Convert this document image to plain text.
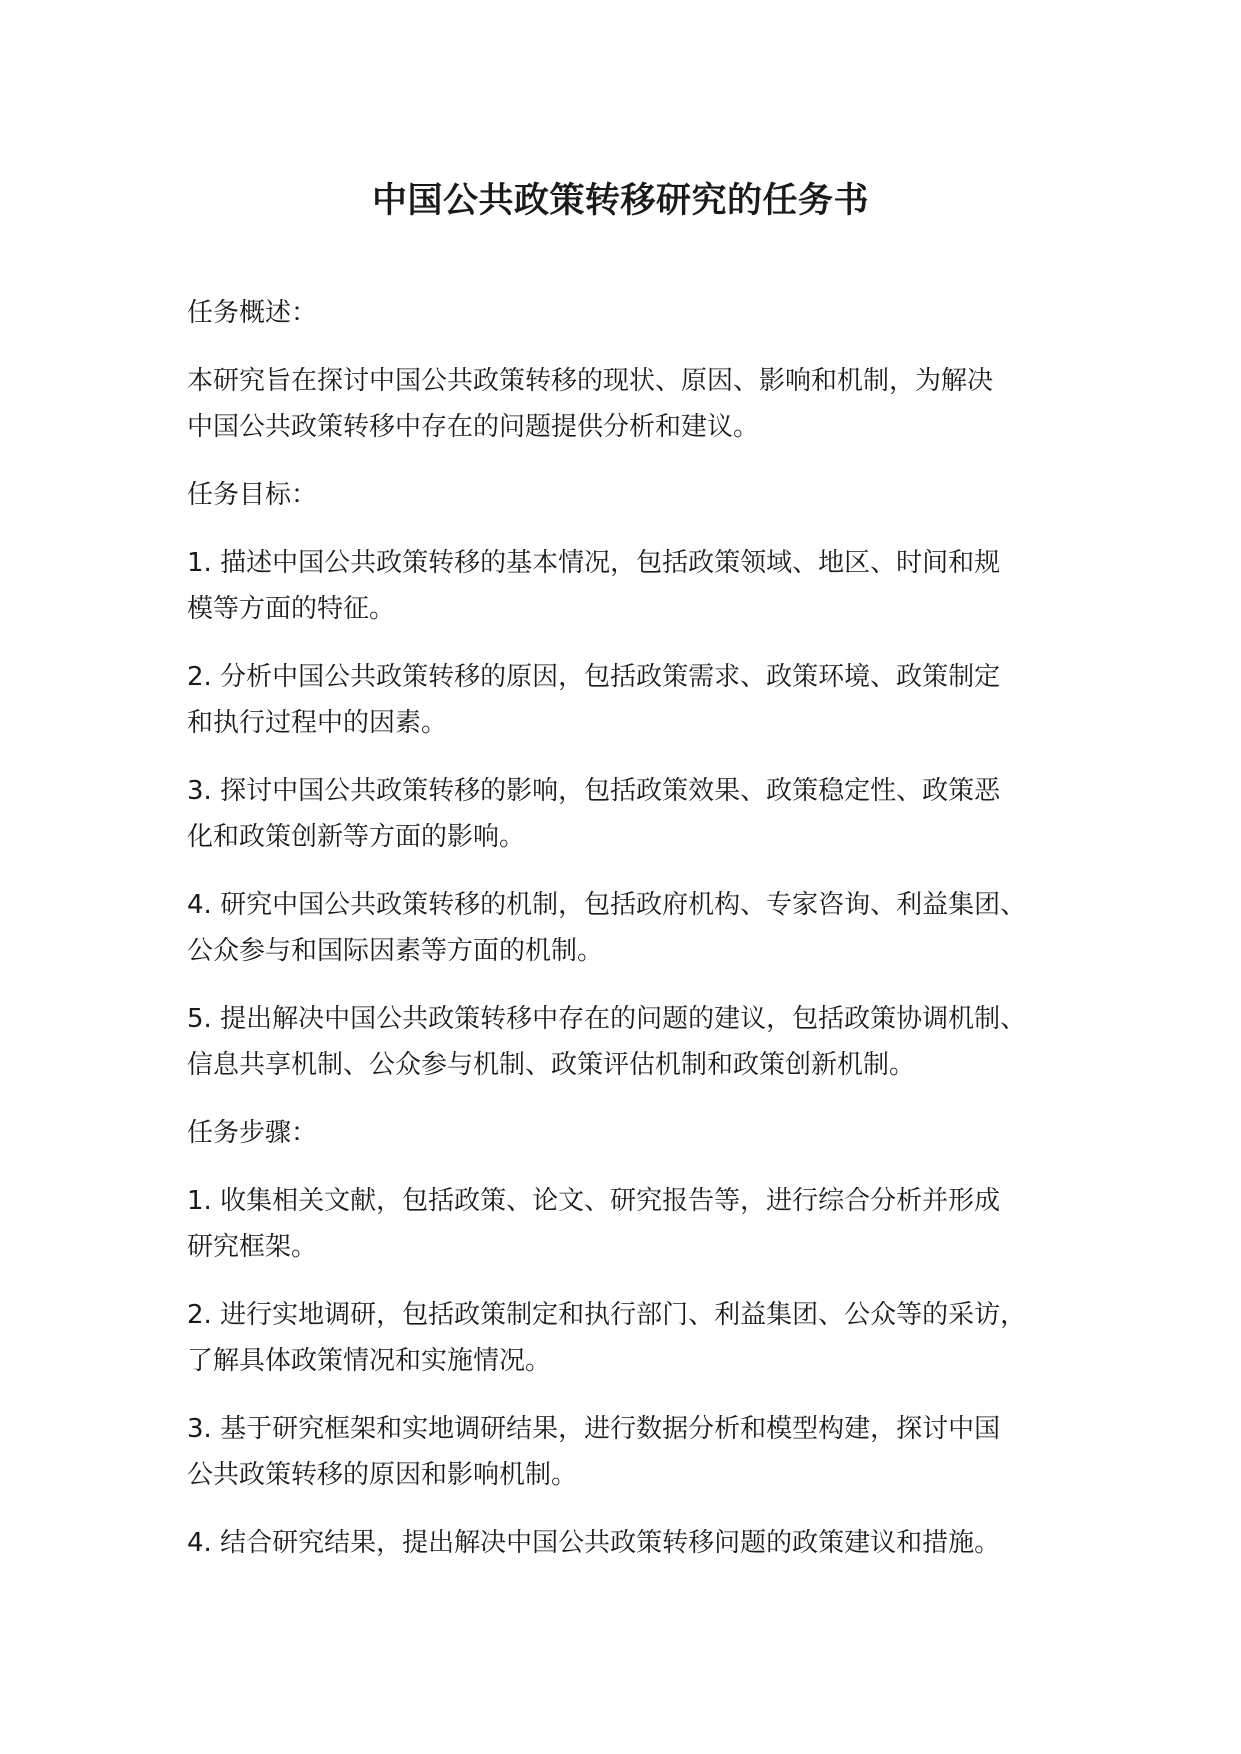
中国公共政策转移研究的任务书

任务概述：

本研究旨在探讨中国公共政策转移的现状、原因、影响和机制，为解决
中国公共政策转移中存在的问题提供分析和建议。

任务目标：

1. 描述中国公共政策转移的基本情况，包括政策领域、地区、时间和规
模等方面的特征。

2. 分析中国公共政策转移的原因，包括政策需求、政策环境、政策制定
和执行过程中的因素。

3. 探讨中国公共政策转移的影响，包括政策效果、政策稳定性、政策恶
化和政策创新等方面的影响。

4. 研究中国公共政策转移的机制，包括政府机构、专家咨询、利益集团、
公众参与和国际因素等方面的机制。

5. 提出解决中国公共政策转移中存在的问题的建议，包括政策协调机制、
信息共享机制、公众参与机制、政策评估机制和政策创新机制。

任务步骤：

1. 收集相关文献，包括政策、论文、研究报告等，进行综合分析并形成
研究框架。

2. 进行实地调研，包括政策制定和执行部门、利益集团、公众等的采访，
了解具体政策情况和实施情况。

3. 基于研究框架和实地调研结果，进行数据分析和模型构建，探讨中国
公共政策转移的原因和影响机制。

4. 结合研究结果，提出解决中国公共政策转移问题的政策建议和措施。
